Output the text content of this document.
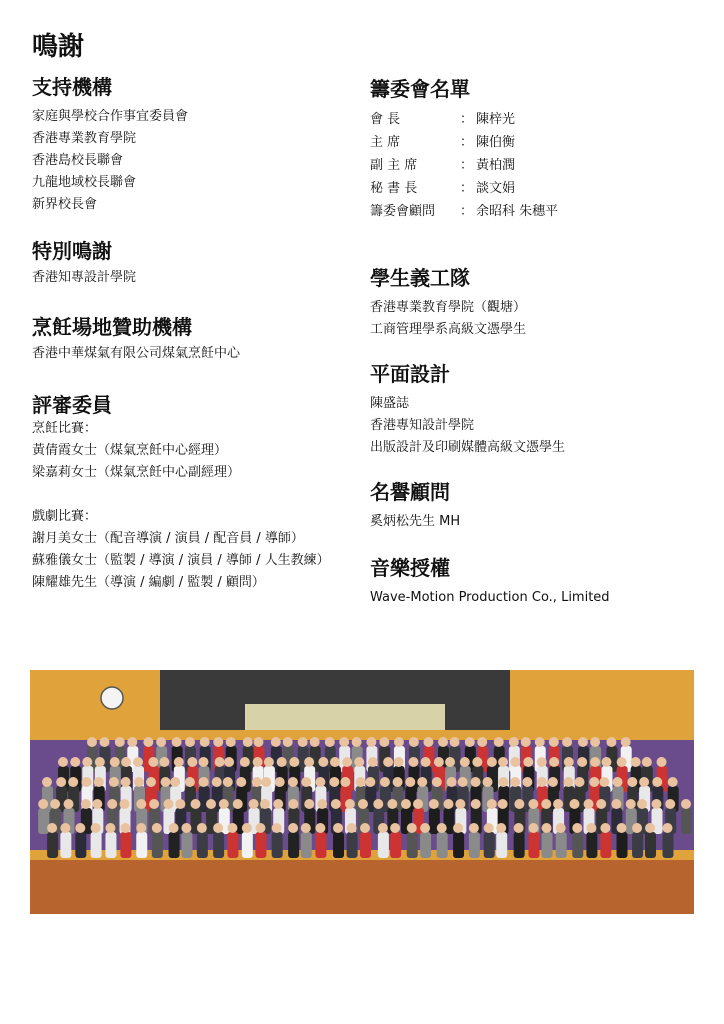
鳴謝
支持機構
家庭與學校合作事宜委員會
香港專業教育學院
香港島校長聯會
九龍地域校長聯會
新界校長會
特別鳴謝
香港知專設計學院
烹飪場地贊助機構
香港中華煤氣有限公司煤氣烹飪中心
評審委員
烹飪比賽：
黃倩霞女士（煤氣烹飪中心經理）
梁嘉莉女士（煤氣烹飪中心副經理）
戲劇比賽：
謝月美女士（配音導演 / 演員 / 配音員 / 導師）
蘇雅儀女士（監製 / 導演 / 演員 / 導師 / 人生教練）
陳耀雄先生（導演 / 編劇 / 監製 / 顧問）
籌委會名單
會 長	： 陳梓光
主 席	： 陳伯衡
副 主 席	： 黃柏潤
秘 書 長	： 談文娟
籌委會顧問	： 余昭科 朱穗平
學生義工隊
香港專業教育學院（觀塘）
工商管理學系高級文憑學生
平面設計
陳盛誌
香港專知設計學院
出版設計及印刷媒體高級文憑學生
名譽顧問
奚炳松先生 MH
音樂授權
Wave-Motion Production Co., Limited
